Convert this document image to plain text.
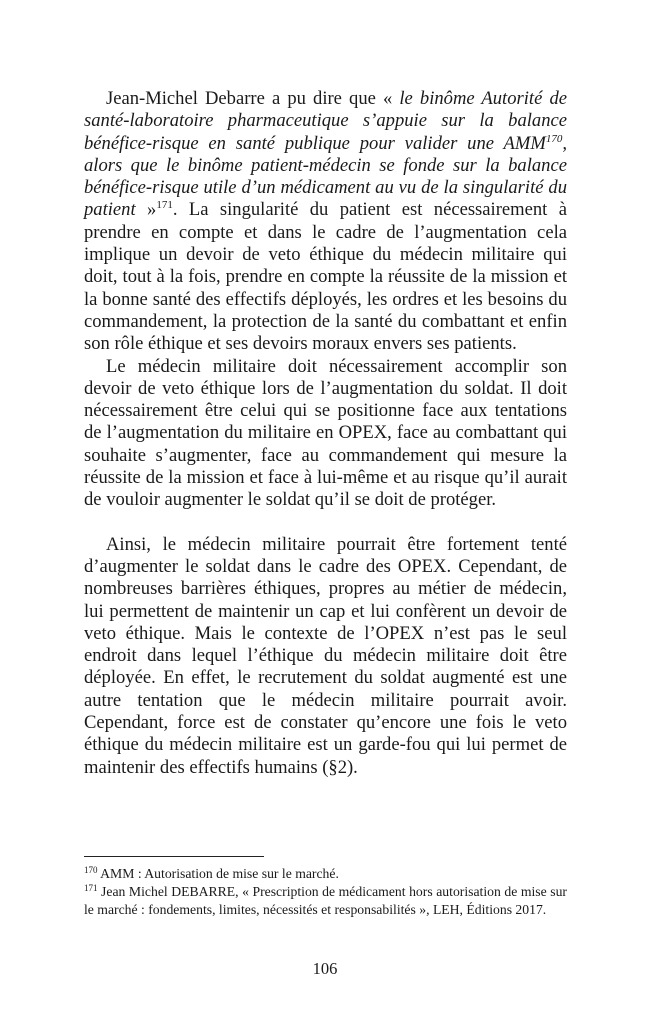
Jean-Michel Debarre a pu dire que « le binôme Autorité de santé-laboratoire pharmaceutique s’appuie sur la balance bénéfice-risque en santé publique pour valider une AMM$^{170}$, alors que le binôme patient-médecin se fonde sur la balance bénéfice-risque utile d’un médicament au vu de la singularité du patient »$^{171}$. La singularité du patient est nécessairement à prendre en compte et dans le cadre de l’augmentation cela implique un devoir de veto éthique du médecin militaire qui doit, tout à la fois, prendre en compte la réussite de la mission et la bonne santé des effectifs déployés, les ordres et les besoins du commandement, la protection de la santé du combattant et enfin son rôle éthique et ses devoirs moraux envers ses patients.

Le médecin militaire doit nécessairement accomplir son devoir de veto éthique lors de l’augmentation du soldat. Il doit nécessairement être celui qui se positionne face aux tentations de l’augmentation du militaire en OPEX, face au combattant qui souhaite s’augmenter, face au commandement qui mesure la réussite de la mission et face à lui-même et au risque qu’il aurait de vouloir augmenter le soldat qu’il se doit de protéger.

Ainsi, le médecin militaire pourrait être fortement tenté d’augmenter le soldat dans le cadre des OPEX. Cependant, de nombreuses barrières éthiques, propres au métier de médecin, lui permettent de maintenir un cap et lui confèrent un devoir de veto éthique. Mais le contexte de l’OPEX n’est pas le seul endroit dans lequel l’éthique du médecin militaire doit être déployée. En effet, le recrutement du soldat augmenté est une autre tentation que le médecin militaire pourrait avoir. Cependant, force est de constater qu’encore une fois le veto éthique du médecin militaire est un garde-fou qui lui permet de maintenir des effectifs humains (§2).

$^{170}$ AMM : Autorisation de mise sur le marché.

$^{171}$ Jean Michel DEBARRE, « Prescription de médicament hors autorisation de mise sur le marché : fondements, limites, nécessités et responsabilités », LEH, Éditions 2017.

106
